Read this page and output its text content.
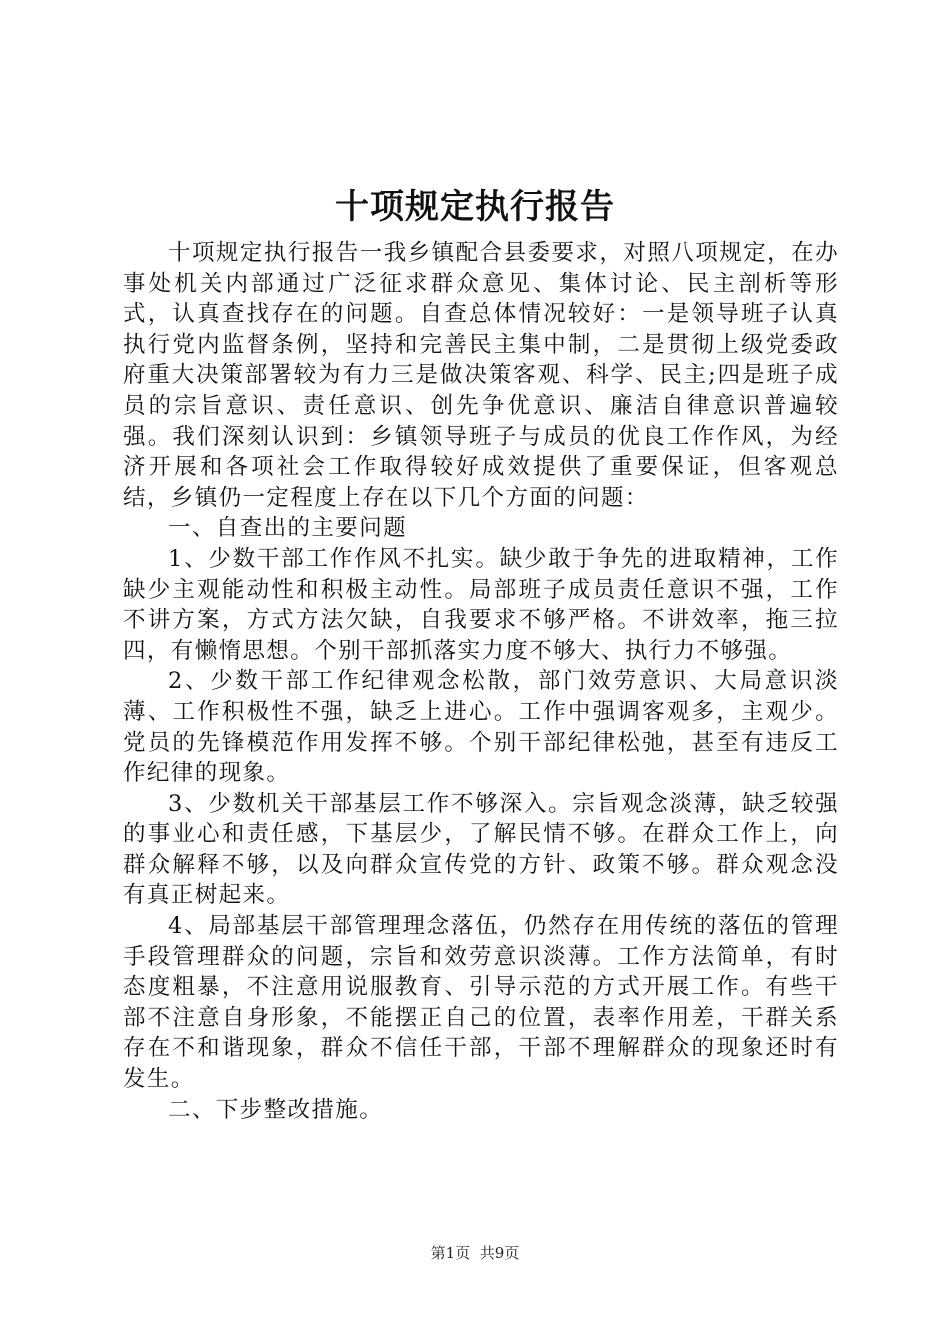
十项规定执行报告

十项规定执行报告一我乡镇配合县委要求，对照八项规定，在办事处机关内部通过广泛征求群众意见、集体讨论、民主剖析等形式，认真查找存在的问题。自查总体情况较好：一是领导班子认真执行党内监督条例，坚持和完善民主集中制，二是贯彻上级党委政府重大决策部署较为有力三是做决策客观、科学、民主;四是班子成员的宗旨意识、责任意识、创先争优意识、廉洁自律意识普遍较强。我们深刻认识到：乡镇领导班子与成员的优良工作作风，为经济开展和各项社会工作取得较好成效提供了重要保证，但客观总结，乡镇仍一定程度上存在以下几个方面的问题：

一、自查出的主要问题

1、少数干部工作作风不扎实。缺少敢于争先的进取精神，工作缺少主观能动性和积极主动性。局部班子成员责任意识不强，工作不讲方案，方式方法欠缺，自我要求不够严格。不讲效率，拖三拉四，有懒惰思想。个别干部抓落实力度不够大、执行力不够强。

2、少数干部工作纪律观念松散，部门效劳意识、大局意识淡薄、工作积极性不强，缺乏上进心。工作中强调客观多，主观少。党员的先锋模范作用发挥不够。个别干部纪律松弛，甚至有违反工作纪律的现象。

3、少数机关干部基层工作不够深入。宗旨观念淡薄，缺乏较强的事业心和责任感，下基层少，了解民情不够。在群众工作上，向群众解释不够，以及向群众宣传党的方针、政策不够。群众观念没有真正树起来。

4、局部基层干部管理理念落伍，仍然存在用传统的落伍的管理手段管理群众的问题，宗旨和效劳意识淡薄。工作方法简单，有时态度粗暴，不注意用说服教育、引导示范的方式开展工作。有些干部不注意自身形象，不能摆正自己的位置，表率作用差，干群关系存在不和谐现象，群众不信任干部，干部不理解群众的现象还时有发生。

二、下步整改措施。

第1页 共9页
